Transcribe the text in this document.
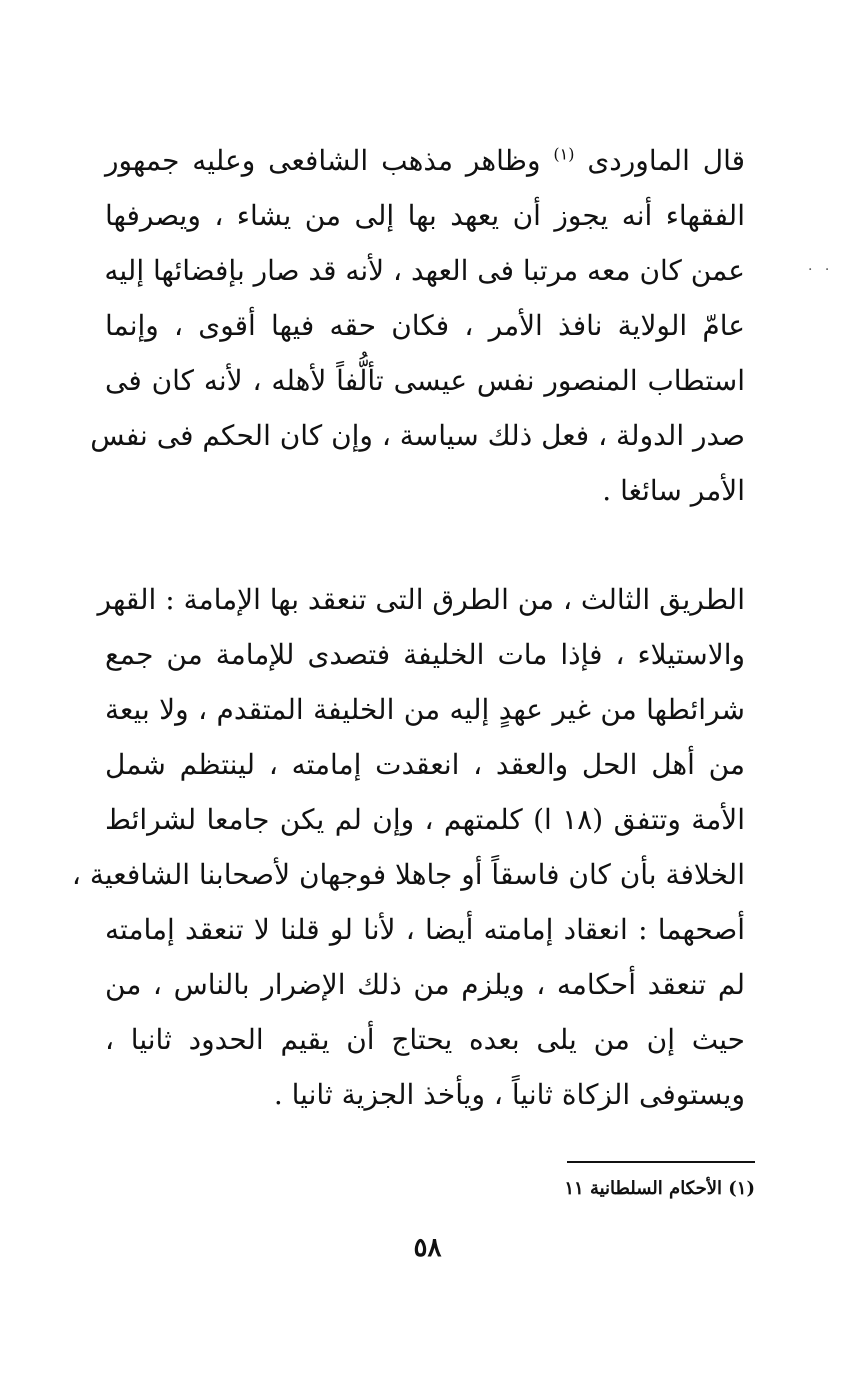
· ·
قال الماوردى $^{(١)}$ وظاهر مذهب الشافعى وعليه جمهور
الفقهاء أنه يجوز أن يعهد بها إلى من يشاء ، ويصرفها
عمن كان معه مرتبا فى العهد ، لأنه قد صار بإفضائها إليه
عامّ الولاية نافذ الأمر ، فكان حقه فيها أقوى ، وإنما
استطاب المنصور نفس عيسى تألُّفاً لأهله ، لأنه كان فى
صدر الدولة ، فعل ذلك سياسة ، وإن كان الحكم فى نفس
الأمر سائغا .
الطريق الثالث ، من الطرق التى تنعقد بها الإمامة : القهر
والاستيلاء ، فإذا مات الخليفة فتصدى للإمامة من جمع
شرائطها من غير عهدٍ إليه من الخليفة المتقدم ، ولا بيعة
من أهل الحل والعقد ، انعقدت إمامته ، لينتظم شمل
الأمة وتتفق (١٨ ا) كلمتهم ، وإن لم يكن جامعا لشرائط
الخلافة بأن كان فاسقاً أو جاهلا فوجهان لأصحابنا الشافعية ،
أصحهما : انعقاد إمامته أيضا ، لأنا لو قلنا لا تنعقد إمامته
لم تنعقد أحكامه ، ويلزم من ذلك الإضرار بالناس ، من
حيث إن من يلى بعده يحتاج أن يقيم الحدود ثانيا ،
ويستوفى الزكاة ثانياً ، ويأخذ الجزية ثانيا .
(١) الأحكام السلطانية ١١
٥٨
